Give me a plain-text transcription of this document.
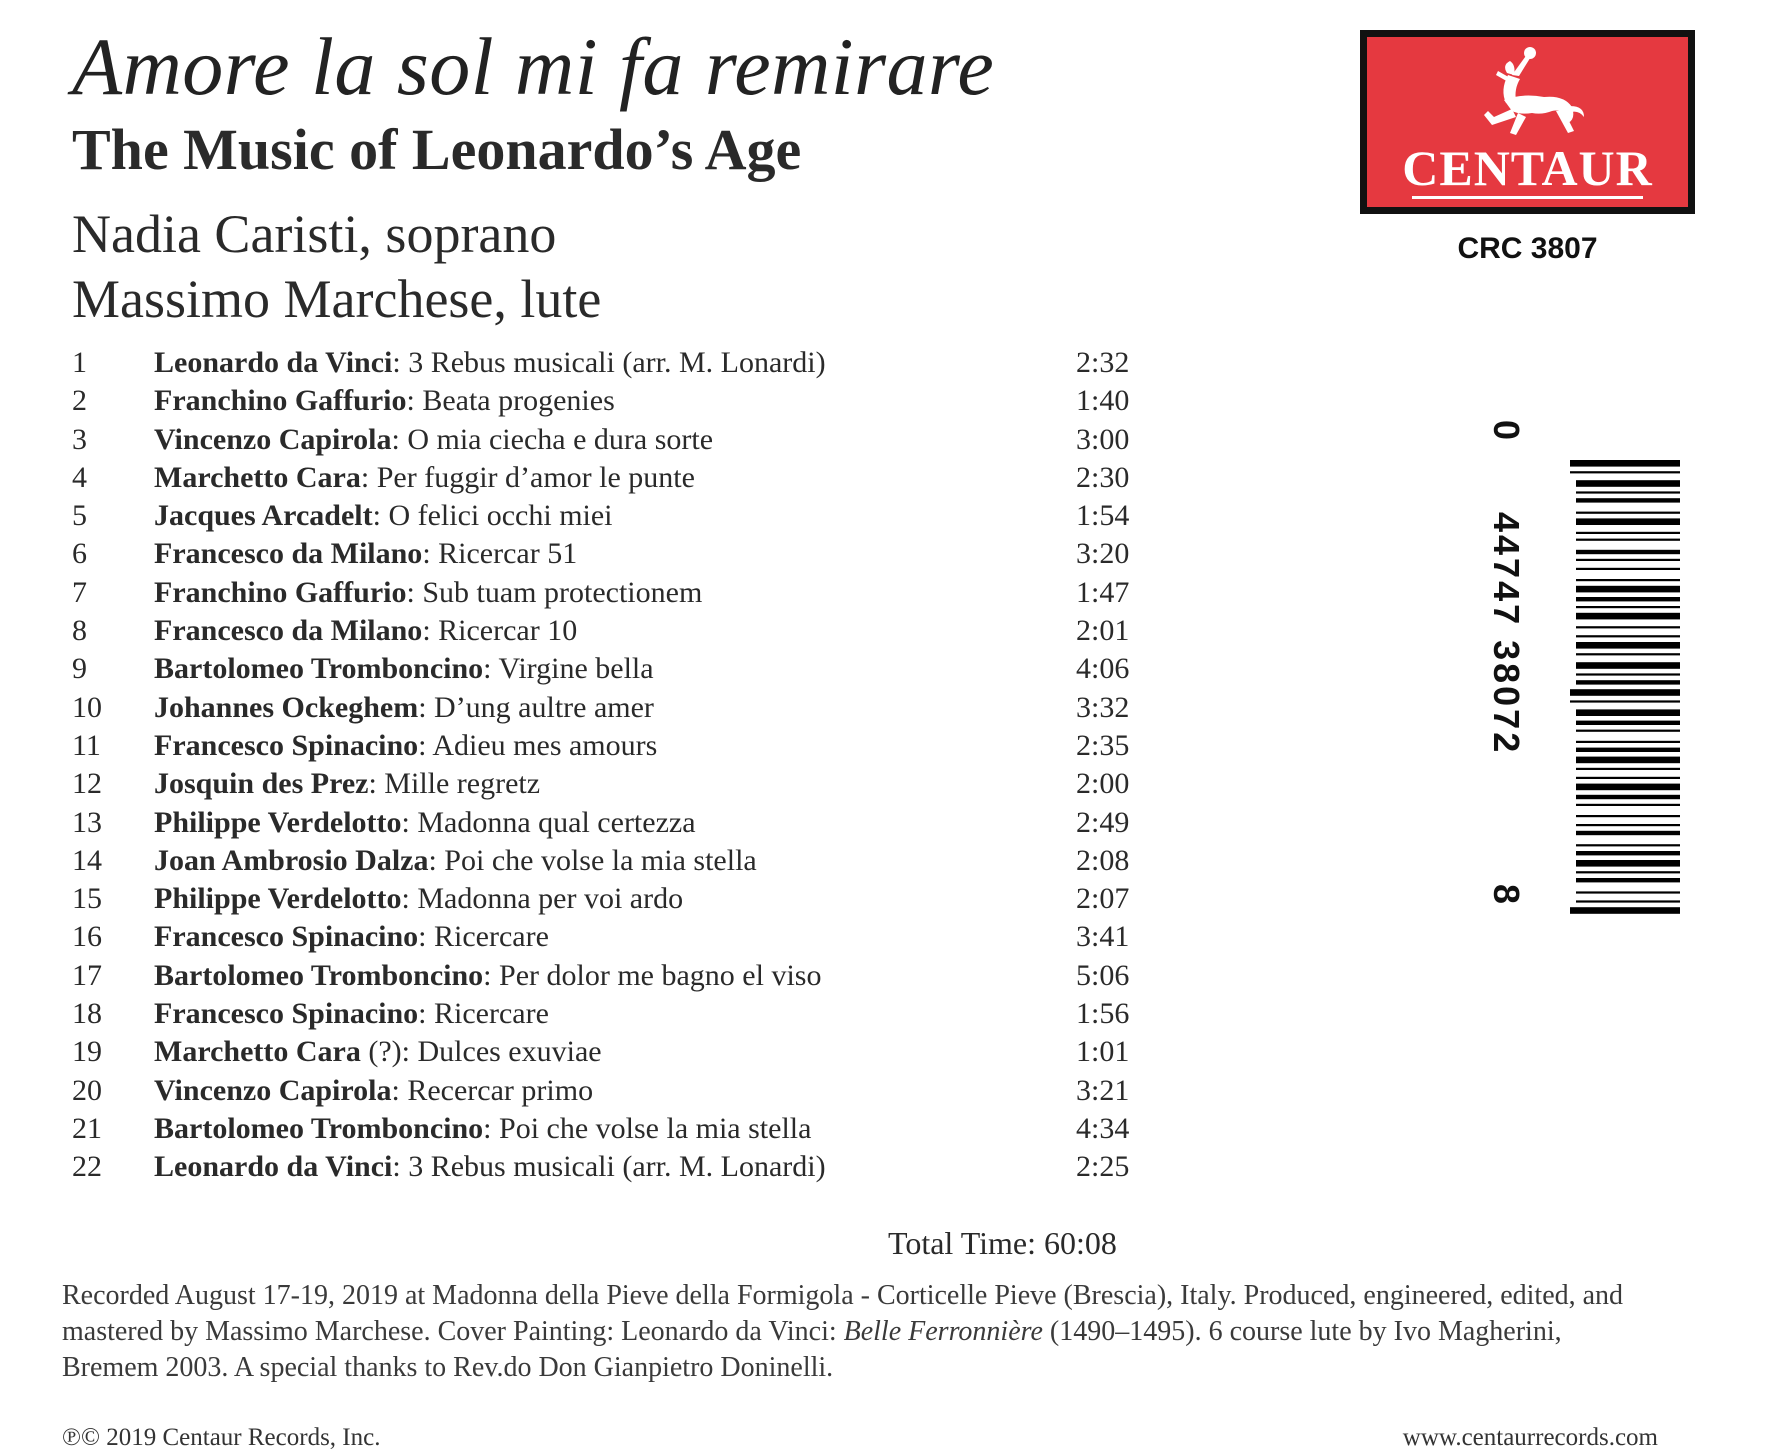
Amore la sol mi fa remirare
The Music of Leonardo’s Age
Nadia Caristi, soprano
Massimo Marchese, lute
CENTAUR
CRC 3807
0
44747 38072
8
1 Leonardo da Vinci: 3 Rebus musicali (arr. M. Lonardi)	2:32
2 Franchino Gaffurio: Beata progenies	1:40
3 Vincenzo Capirola: O mia ciecha e dura sorte	3:00
4 Marchetto Cara: Per fuggir d’amor le punte	2:30
5 Jacques Arcadelt: O felici occhi miei	1:54
6 Francesco da Milano: Ricercar 51	3:20
7 Franchino Gaffurio: Sub tuam protectionem	1:47
8 Francesco da Milano: Ricercar 10	2:01
9 Bartolomeo Tromboncino: Virgine bella	4:06
10 Johannes Ockeghem: D’ung aultre amer	3:32
11 Francesco Spinacino: Adieu mes amours	2:35
12 Josquin des Prez: Mille regretz	2:00
13 Philippe Verdelotto: Madonna qual certezza	2:49
14 Joan Ambrosio Dalza: Poi che volse la mia stella	2:08
15 Philippe Verdelotto: Madonna per voi ardo	2:07
16 Francesco Spinacino: Ricercare	3:41
17 Bartolomeo Tromboncino: Per dolor me bagno el viso	5:06
18 Francesco Spinacino: Ricercare	1:56
19 Marchetto Cara (?): Dulces exuviae	1:01
20 Vincenzo Capirola: Recercar primo	3:21
21 Bartolomeo Tromboncino: Poi che volse la mia stella	4:34
22 Leonardo da Vinci: 3 Rebus musicali (arr. M. Lonardi)	2:25
Total Time: 60:08

Recorded August 17-19, 2019 at Madonna della Pieve della Formigola - Corticelle Pieve (Brescia), Italy. Produced, engineered, edited, and mastered by Massimo Marchese. Cover Painting: Leonardo da Vinci: Belle Ferronnière (1490–1495). 6 course lute by Ivo Magherini, Bremem 2003. A special thanks to Rev.do Don Gianpietro Doninelli.

℗© 2019 Centaur Records, Inc.	www.centaurrecords.com
